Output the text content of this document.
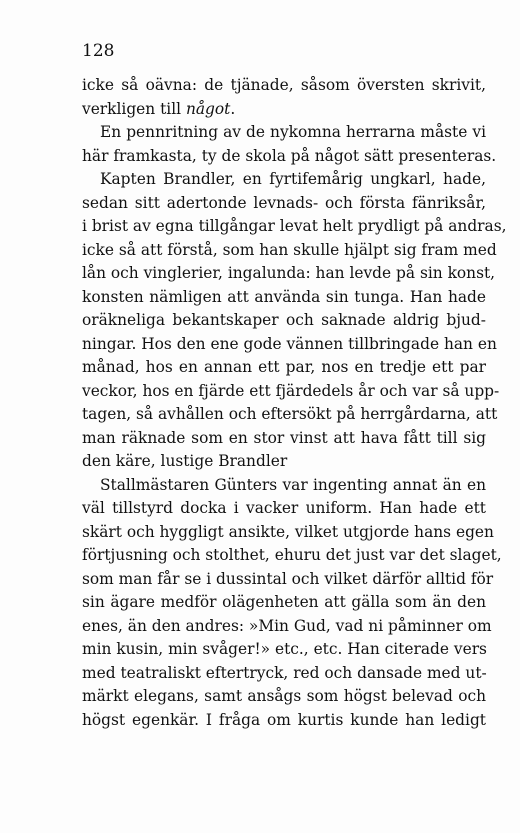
128
icke så oävna: de tjänade, såsom översten skrivit,
verkligen till något.
En pennritning av de nykomna herrarna måste vi
här framkasta, ty de skola på något sätt presenteras.
Kapten Brandler, en fyrtifemårig ungkarl, hade,
sedan sitt adertonde levnads- och första fänriksår,
i brist av egna tillgångar levat helt prydligt på andras,
icke så att förstå, som han skulle hjälpt sig fram med
lån och vinglerier, ingalunda: han levde på sin konst,
konsten nämligen att använda sin tunga. Han hade
oräkneliga bekantskaper och saknade aldrig bjud-
ningar. Hos den ene gode vännen tillbringade han en
månad, hos en annan ett par, nos en tredje ett par
veckor, hos en fjärde ett fjärdedels år och var så upp-
tagen, så avhållen och eftersökt på herrgårdarna, att
man räknade som en stor vinst att hava fått till sig
den käre, lustige Brandler
Stallmästaren Günters var ingenting annat än en
väl tillstyrd docka i vacker uniform. Han hade ett
skärt och hyggligt ansikte, vilket utgjorde hans egen
förtjusning och stolthet, ehuru det just var det slaget,
som man får se i dussintal och vilket därför alltid för
sin ägare medför olägenheten att gälla som än den
enes, än den andres: »Min Gud, vad ni påminner om
min kusin, min svåger!» etc., etc. Han citerade vers
med teatraliskt eftertryck, red och dansade med ut-
märkt elegans, samt ansågs som högst belevad och
högst egenkär. I fråga om kurtis kunde han ledigt
